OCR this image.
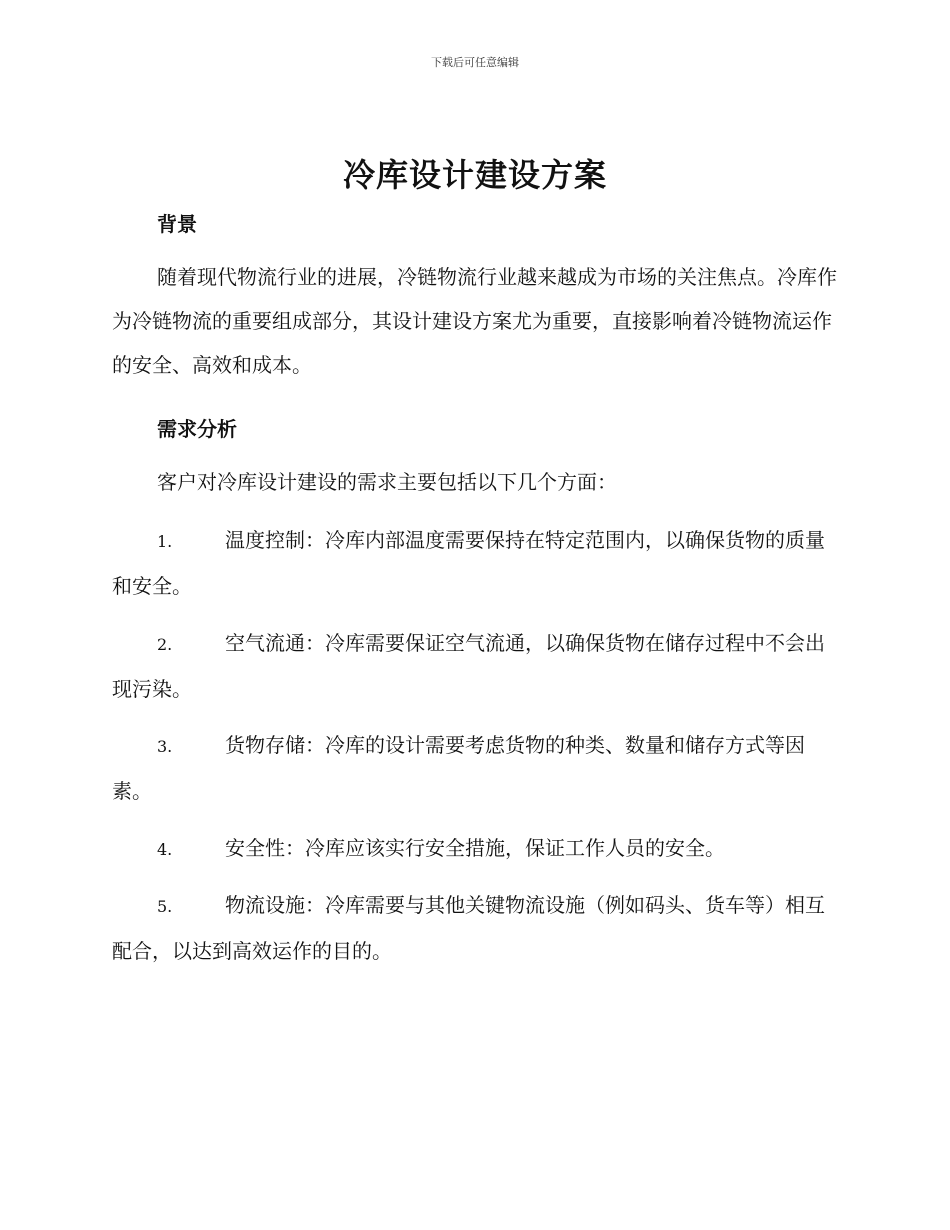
下载后可任意编辑
冷库设计建设方案
背景
随着现代物流行业的进展，冷链物流行业越来越成为市场的关注焦点。冷库作为冷链物流的重要组成部分，其设计建设方案尤为重要，直接影响着冷链物流运作的安全、高效和成本。
需求分析
客户对冷库设计建设的需求主要包括以下几个方面：
1.	温度控制：冷库内部温度需要保持在特定范围内，以确保货物的质量和安全。
2.	空气流通：冷库需要保证空气流通，以确保货物在储存过程中不会出现污染。
3.	货物存储：冷库的设计需要考虑货物的种类、数量和储存方式等因素。
4.	安全性：冷库应该实行安全措施，保证工作人员的安全。
5.	物流设施：冷库需要与其他关键物流设施（例如码头、货车等）相互配合，以达到高效运作的目的。
